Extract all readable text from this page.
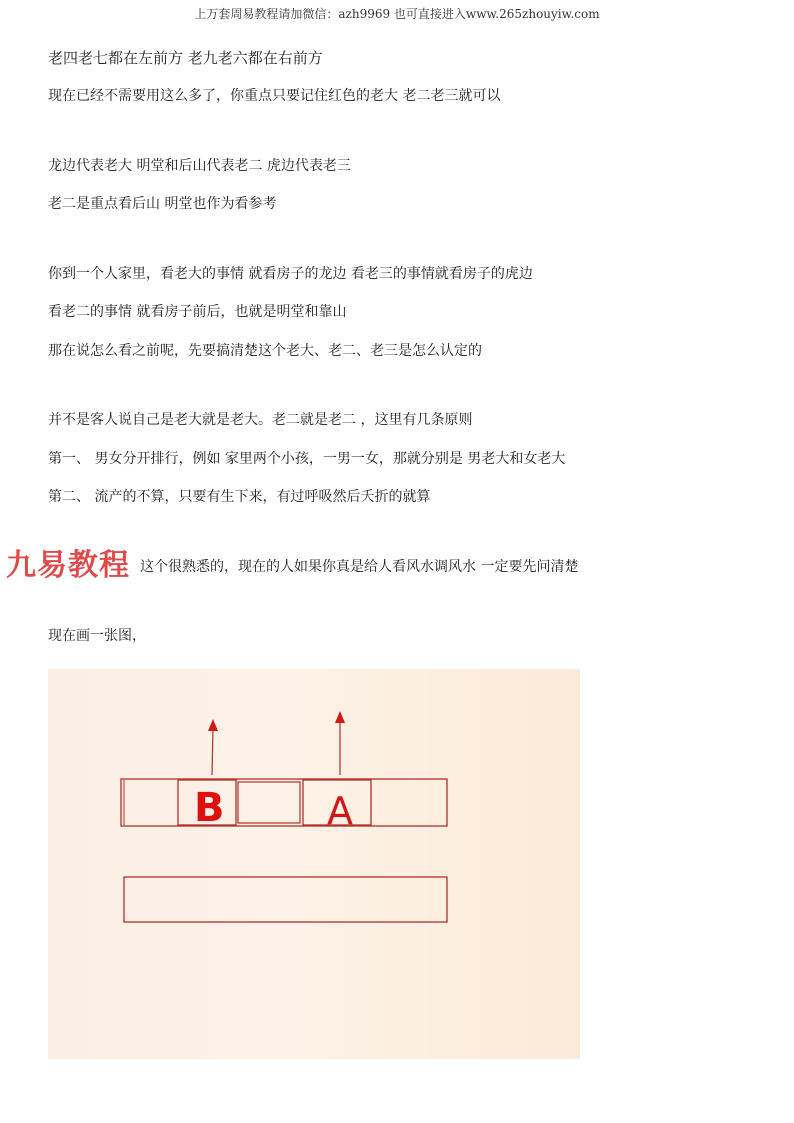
上万套周易教程请加微信：azh9969 也可直接进入www.265zhouyiw.com
老四老七都在左前方 老九老六都在右前方
现在已经不需要用这么多了，你重点只要记住红色的老大 老二老三就可以
龙边代表老大 明堂和后山代表老二 虎边代表老三
老二是重点看后山 明堂也作为看参考
你到一个人家里，看老大的事情 就看房子的龙边 看老三的事情就看房子的虎边
看老二的事情 就看房子前后，也就是明堂和靠山
那在说怎么看之前呢，先要搞清楚这个老大、老二、老三是怎么认定的
并不是客人说自己是老大就是老大。老二就是老二 ，这里有几条原则
第一、 男女分开排行，例如 家里两个小孩，一男一女，那就分别是 男老大和女老大
第二、 流产的不算，只要有生下来，有过呼吸然后夭折的就算
这个很熟悉的，现在的人如果你真是给人看风水调风水 一定要先问清楚
九易教程
现在画一张图，
B	A
